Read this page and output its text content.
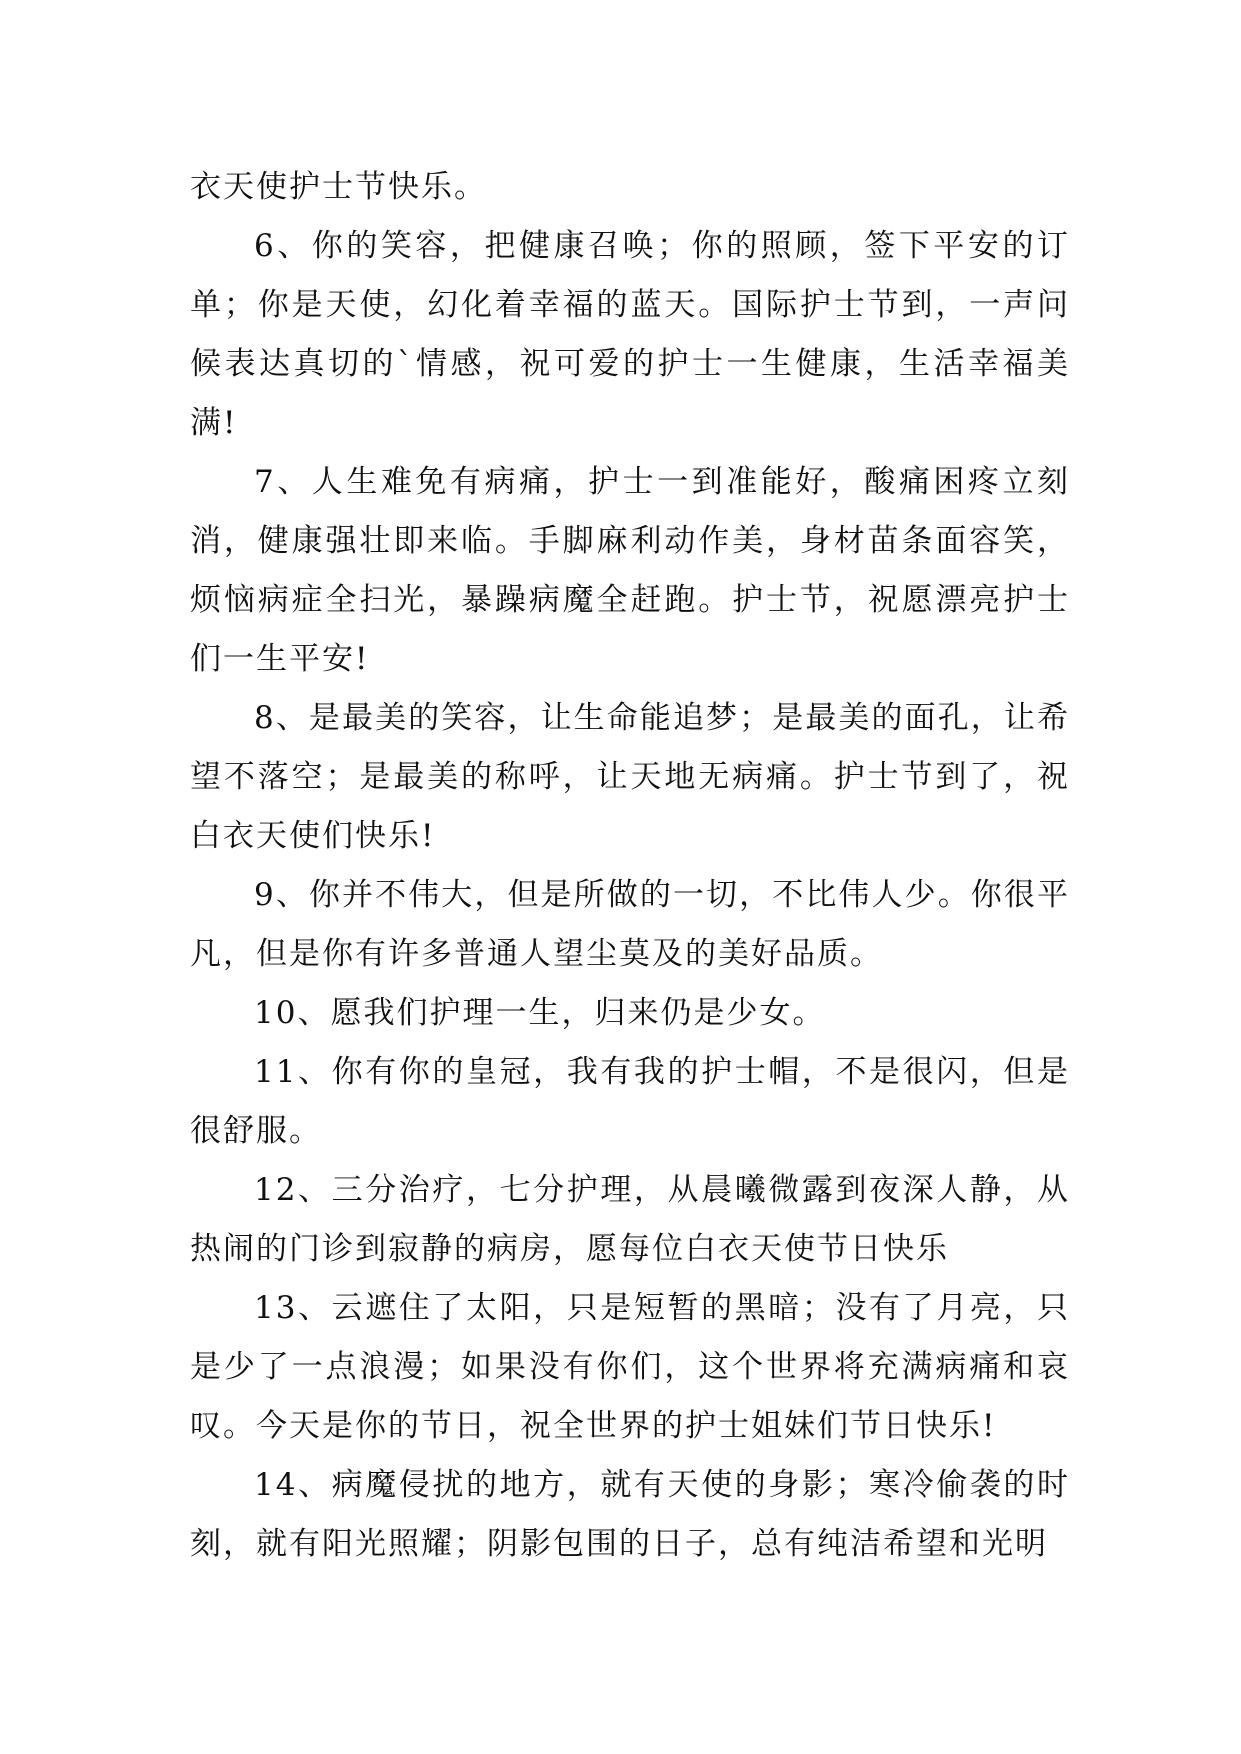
衣天使护士节快乐。

6、你的笑容，把健康召唤；你的照顾，签下平安的订单；你是天使，幻化着幸福的蓝天。国际护士节到，一声问候表达真切的`情感，祝可爱的护士一生健康，生活幸福美满!

7、人生难免有病痛，护士一到准能好，酸痛困疼立刻消，健康强壮即来临。手脚麻利动作美，身材苗条面容笑，烦恼病症全扫光，暴躁病魔全赶跑。护士节，祝愿漂亮护士们一生平安!

8、是最美的笑容，让生命能追梦；是最美的面孔，让希望不落空；是最美的称呼，让天地无病痛。护士节到了，祝白衣天使们快乐!

9、你并不伟大，但是所做的一切，不比伟人少。你很平凡，但是你有许多普通人望尘莫及的美好品质。

10、愿我们护理一生，归来仍是少女。

11、你有你的皇冠，我有我的护士帽，不是很闪，但是很舒服。

12、三分治疗，七分护理，从晨曦微露到夜深人静，从热闹的门诊到寂静的病房，愿每位白衣天使节日快乐

13、云遮住了太阳，只是短暂的黑暗；没有了月亮，只是少了一点浪漫；如果没有你们，这个世界将充满病痛和哀叹。今天是你的节日，祝全世界的护士姐妹们节日快乐!

14、病魔侵扰的地方，就有天使的身影；寒冷偷袭的时刻，就有阳光照耀；阴影包围的日子，总有纯洁希望和光明
